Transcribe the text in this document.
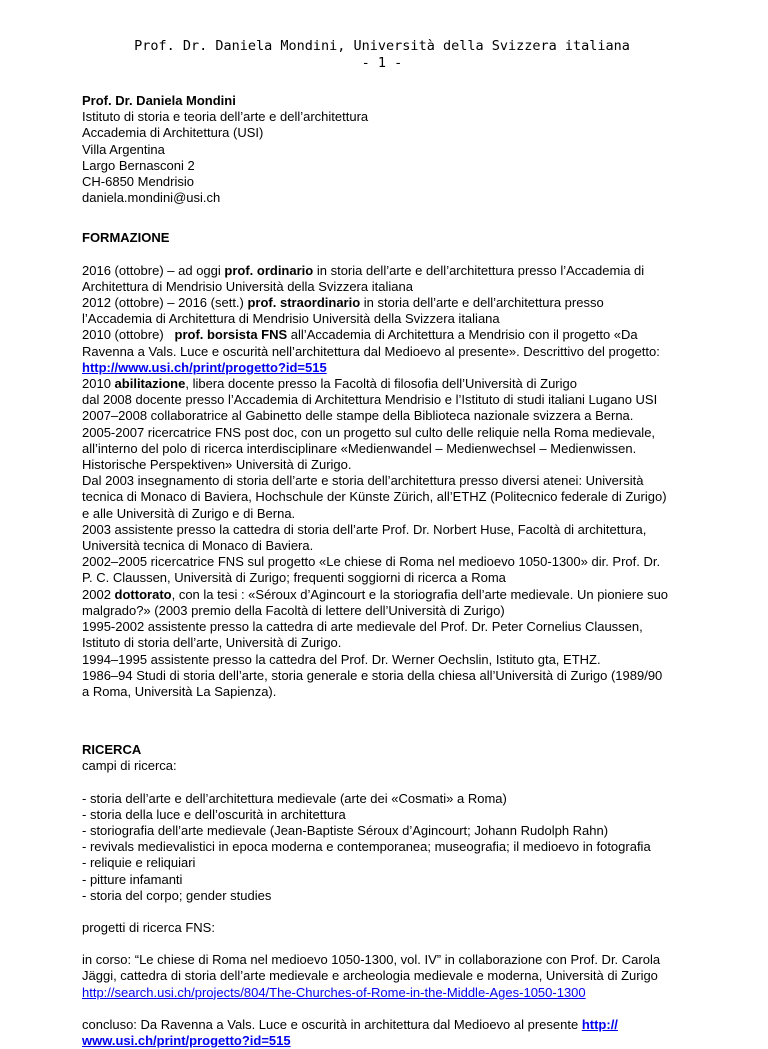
Prof. Dr. Daniela Mondini, Università della Svizzera italiana
- 1 -
Prof. Dr. Daniela Mondini
Istituto di storia e teoria dell’arte e dell’architettura
Accademia di Architettura (USI)
Villa Argentina
Largo Bernasconi 2
CH-6850 Mendrisio
daniela.mondini@usi.ch
FORMAZIONE
2016 (ottobre) – ad oggi prof. ordinario in storia dell’arte e dell’architettura presso l’Accademia di
Architettura di Mendrisio Università della Svizzera italiana
2012 (ottobre) – 2016 (sett.) prof. straordinario in storia dell’arte e dell’architettura presso
l’Accademia di Architettura di Mendrisio Università della Svizzera italiana
2010 (ottobre)   prof. borsista FNS all’Accademia di Architettura a Mendrisio con il progetto «Da
Ravenna a Vals. Luce e oscurità nell’architettura dal Medioevo al presente». Descrittivo del progetto:
http://www.usi.ch/print/progetto?id=515
2010 abilitazione, libera docente presso la Facoltà di filosofia dell’Università di Zurigo
dal 2008 docente presso l’Accademia di Architettura Mendrisio e l’Istituto di studi italiani Lugano USI
2007–2008 collaboratrice al Gabinetto delle stampe della Biblioteca nazionale svizzera a Berna.
2005-2007 ricercatrice FNS post doc, con un progetto sul culto delle reliquie nella Roma medievale,
all’interno del polo di ricerca interdisciplinare «Medienwandel – Medienwechsel – Medienwissen.
Historische Perspektiven» Università di Zurigo.
Dal 2003 insegnamento di storia dell’arte e storia dell’architettura presso diversi atenei: Università
tecnica di Monaco di Baviera, Hochschule der Künste Zürich, all’ETHZ (Politecnico federale di Zurigo)
e alle Università di Zurigo e di Berna.
2003 assistente presso la cattedra di storia dell’arte Prof. Dr. Norbert Huse, Facoltà di architettura,
Università tecnica di Monaco di Baviera.
2002–2005 ricercatrice FNS sul progetto «Le chiese di Roma nel medioevo 1050-1300» dir. Prof. Dr.
P. C. Claussen, Università di Zurigo; frequenti soggiorni di ricerca a Roma
2002 dottorato, con la tesi : «Séroux d’Agincourt e la storiografia dell’arte medievale. Un pioniere suo
malgrado?» (2003 premio della Facoltà di lettere dell’Università di Zurigo)
1995-2002 assistente presso la cattedra di arte medievale del Prof. Dr. Peter Cornelius Claussen,
Istituto di storia dell’arte, Università di Zurigo.
1994–1995 assistente presso la cattedra del Prof. Dr. Werner Oechslin, Istituto gta, ETHZ.
1986–94 Studi di storia dell’arte, storia generale e storia della chiesa all’Università di Zurigo (1989/90
a Roma, Università La Sapienza).
RICERCA
campi di ricerca:
- storia dell’arte e dell’architettura medievale (arte dei «Cosmati» a Roma)
- storia della luce e dell’oscurità in architettura
- storiografia dell’arte medievale (Jean-Baptiste Séroux d’Agincourt; Johann Rudolph Rahn)
- revivals medievalistici in epoca moderna e contemporanea; museografia; il medioevo in fotografia
- reliquie e reliquiari
- pitture infamanti
- storia del corpo; gender studies
progetti di ricerca FNS:
in corso: “Le chiese di Roma nel medioevo 1050-1300, vol. IV” in collaborazione con Prof. Dr. Carola
Jäggi, cattedra di storia dell’arte medievale e archeologia medievale e moderna, Università di Zurigo
http://search.usi.ch/projects/804/The-Churches-of-Rome-in-the-Middle-Ages-1050-1300
concluso: Da Ravenna a Vals. Luce e oscurità in architettura dal Medioevo al presente http://
www.usi.ch/print/progetto?id=515
